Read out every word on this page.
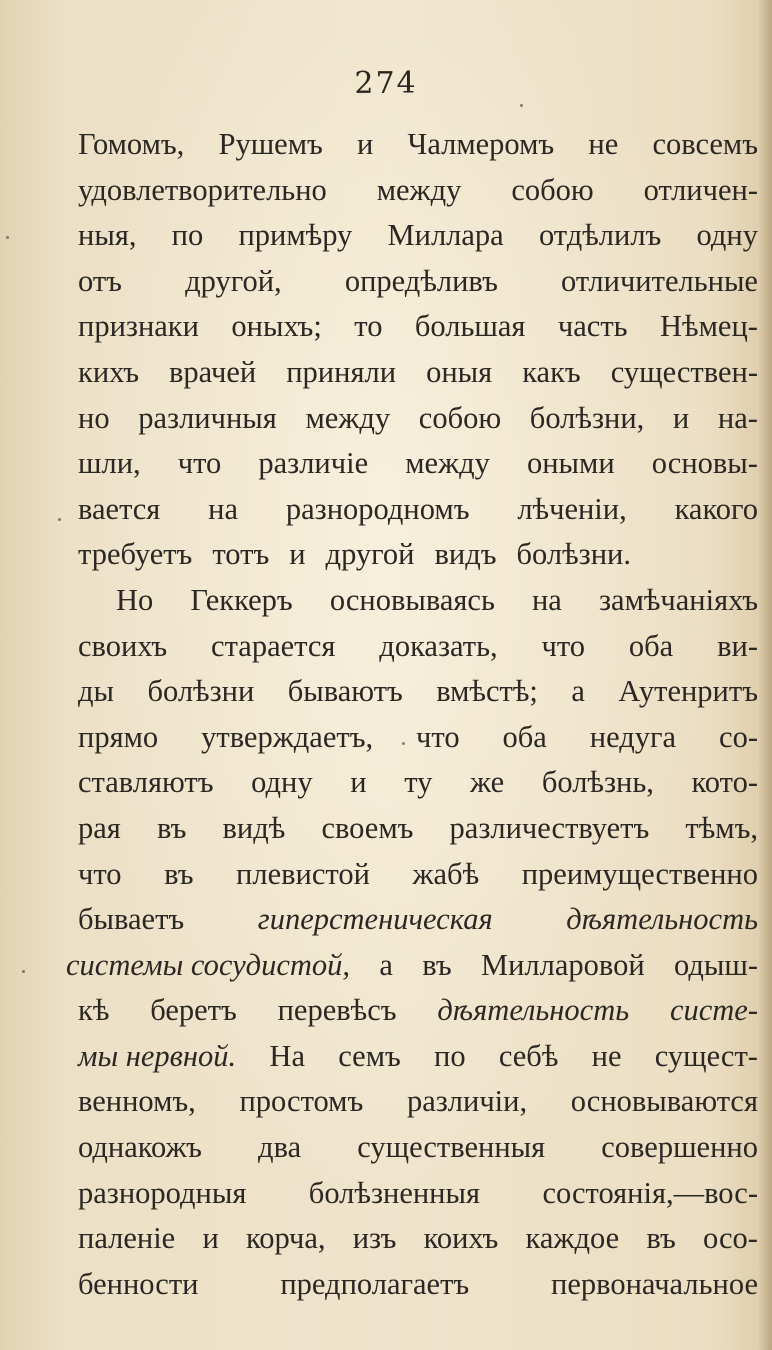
274
Гомомъ, Рушемъ и Чалмеромъ не совсемъ
удовлетворительно между собою отличен-
ныя, по примѣру Миллара отдѣлилъ одну
отъ другой, опредѣливъ отличительные
признаки оныхъ; то большая часть Нѣмец-
кихъ врачей приняли оныя какъ существен-
но различныя между собою болѣзни, и на-
шли, что различiе между оными основы-
вается на разнородномъ лѣченiи, какого
требуетъ тотъ и другой видъ болѣзни.
Но Геккеръ основываясь на замѣчанiяхъ
своихъ старается доказать, что оба ви-
ды болѣзни бываютъ вмѣстѣ; а Аутенритъ
прямо утверждаетъ, что оба недуга со-
ставляютъ одну и ту же болѣзнь, кото-
рая въ видѣ своемъ различествуетъ тѣмъ,
что въ плевистой жабѣ преимущественно
бываетъ гиперстеническая дѣятельность
системы сосудистой, а въ Милларовой одыш-
кѣ беретъ перевѣсъ дѣятельность систе-
мы нервной. На семъ по себѣ не сущест-
венномъ, простомъ различiи, основываются
однакожъ два существенныя совершенно
разнородныя болѣзненныя состоянiя,—вос-
паленiе и корча, изъ коихъ каждое въ осо-
бенности	предполагаетъ	первоначальное
